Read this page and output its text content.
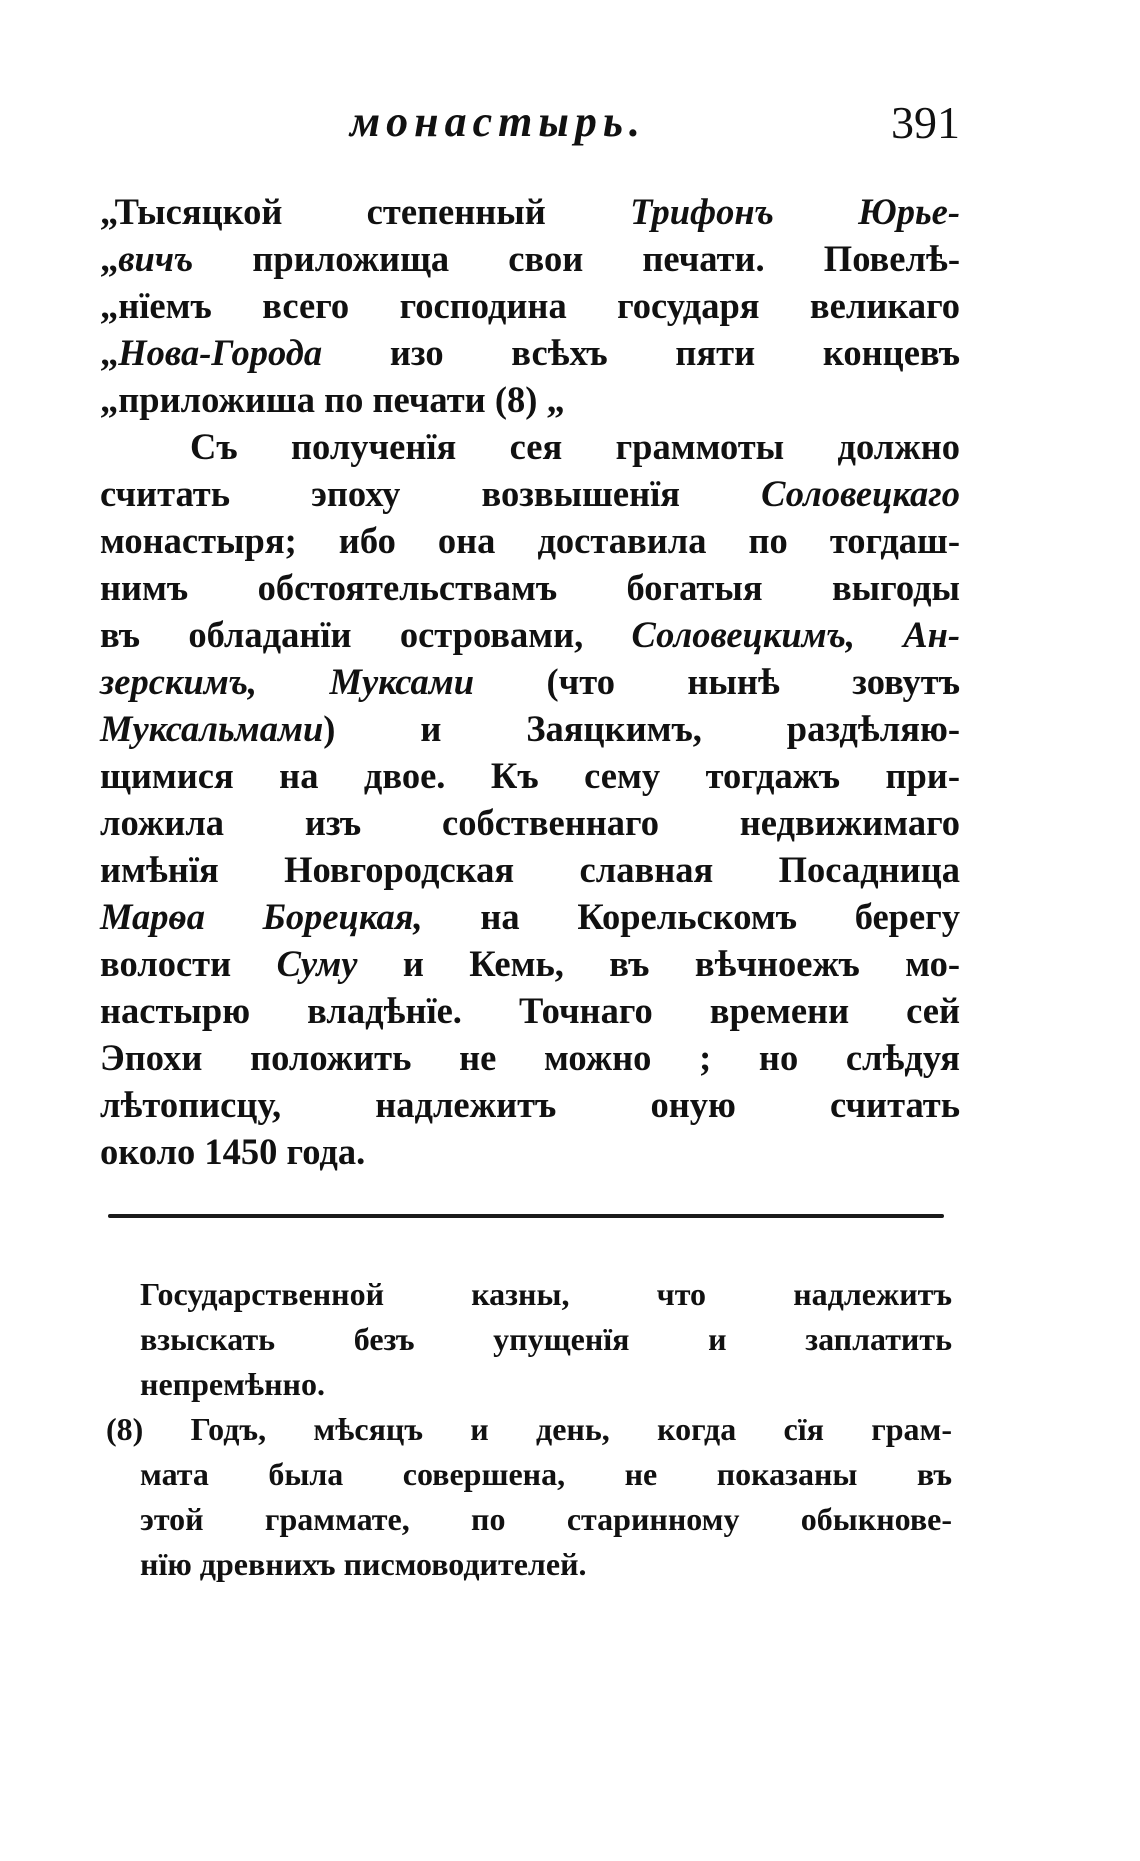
монастырь.	391
„Тысяцкой степенный Трифонъ Юрье-
„вичъ приложища свои печати. Повелѣ-
„нїемъ всего господина государя великаго
„Нова-Города изо всѣхъ пяти концевъ
„приложиша по печати (8) „
Съ полученїя сея граммоты должно
считать эпоху возвышенїя Соловецкаго
монастыря; ибо она доставила по тогдаш-
нимъ обстоятельствамъ богатыя выгоды
въ обладанїи островами, Соловецкимъ, Ан-
зерскимъ, Муксами (что нынѣ зовутъ
Муксальмами) и Заяцкимъ, раздѣляю-
щимися на двое. Къ сему тогдажъ при-
ложила изъ собственнаго недвижимаго
имѣнїя Новгородская славная Посадница
Марѳа Борецкая, на Корельскомъ берегу
волости Суму и Кемь, въ вѣчноежъ мо-
настырю владѣнїе. Точнаго времени сей
Эпохи положить не можно ; но слѣдуя
лѣтописцу, надлежитъ оную считать
около 1450 года.
Государственной казны, что надлежитъ
взыскать безъ упущенїя и заплатить
непремѣнно.
(8) Годъ, мѣсяцъ и день, когда сїя грам-
мата была совершена, не показаны въ
этой граммате, по старинному обыкнове-
нїю древнихъ писмоводителей.
